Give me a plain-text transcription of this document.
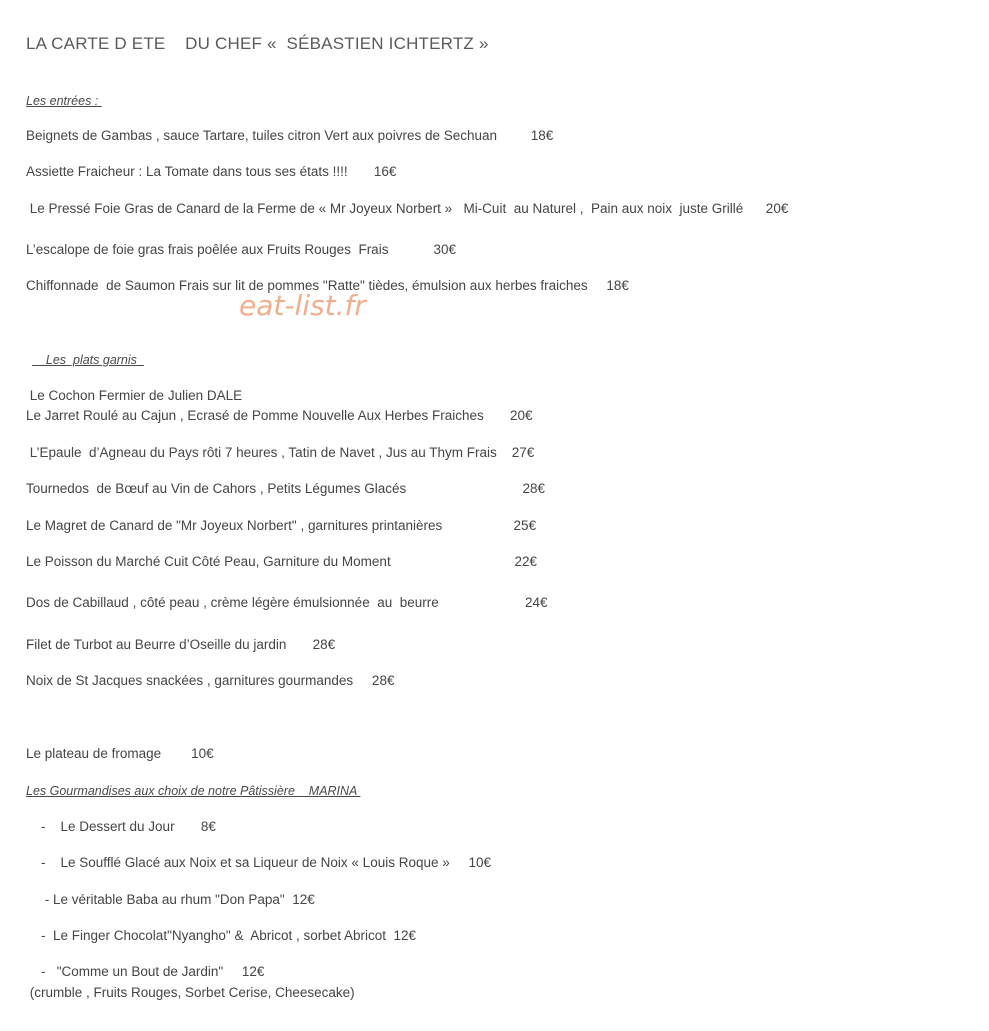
LA CARTE D ETE    DU CHEF «  SÉBASTIEN ICHTERTZ »
Les entrées :
Beignets de Gambas , sauce Tartare, tuiles citron Vert aux poivres de Sechuan         18€
Assiette Fraicheur : La Tomate dans tous ses états !!!!       16€
Le Pressé Foie Gras de Canard de la Ferme de « Mr Joyeux Norbert »   Mi-Cuit  au Naturel ,  Pain aux noix  juste Grillé      20€
L’escalope de foie gras frais poêlée aux Fruits Rouges  Frais            30€
Chiffonnade  de Saumon Frais sur lit de pommes "Ratte" tièdes, émulsion aux herbes fraiches     18€
eat-list.fr
Les  plats garnis
Le Cochon Fermier de Julien DALE
Le Jarret Roulé au Cajun , Ecrasé de Pomme Nouvelle Aux Herbes Fraiches       20€
L’Epaule  d’Agneau du Pays rôti 7 heures , Tatin de Navet , Jus au Thym Frais    27€
Tournedos  de Bœuf au Vin de Cahors , Petits Légumes Glacés                               28€
Le Magret de Canard de "Mr Joyeux Norbert" , garnitures printanières                   25€
Le Poisson du Marché Cuit Côté Peau, Garniture du Moment                                 22€
Dos de Cabillaud , côté peau , crème légère émulsionnée  au  beurre                       24€
Filet de Turbot au Beurre d’Oseille du jardin       28€
Noix de St Jacques snackées , garnitures gourmandes     28€
Le plateau de fromage        10€
Les Gourmandises aux choix de notre Pâtissière    MARINA
-    Le Dessert du Jour       8€
-    Le Soufflé Glacé aux Noix et sa Liqueur de Noix « Louis Roque »     10€
- Le véritable Baba au rhum "Don Papa"  12€
-  Le Finger Chocolat"Nyangho" &  Abricot , sorbet Abricot  12€
-   "Comme un Bout de Jardin"     12€
(crumble , Fruits Rouges, Sorbet Cerise, Cheesecake)
